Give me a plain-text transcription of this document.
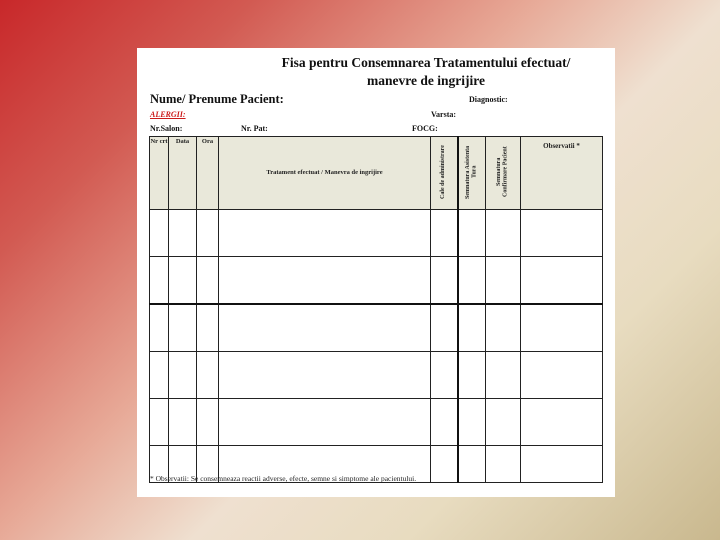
Fisa pentru Consemnarea Tratamentului efectuat/
manevre de ingrijire
Nume/ Prenume Pacient:	Diagnostic:
ALERGII:	Varsta:
Nr.Salon:	Nr. Pat:	FOCG:
Nr crt	Data	Ora	Tratament efectuat / Manevra de ingrijire	Cale de administrare	Semnatura Asistenta Tura	Semnatura Confirmare Pacient	Observatii *

* Observatii: Se consemneaza reactii adverse, efecte, semne si simptome ale pacientului.
